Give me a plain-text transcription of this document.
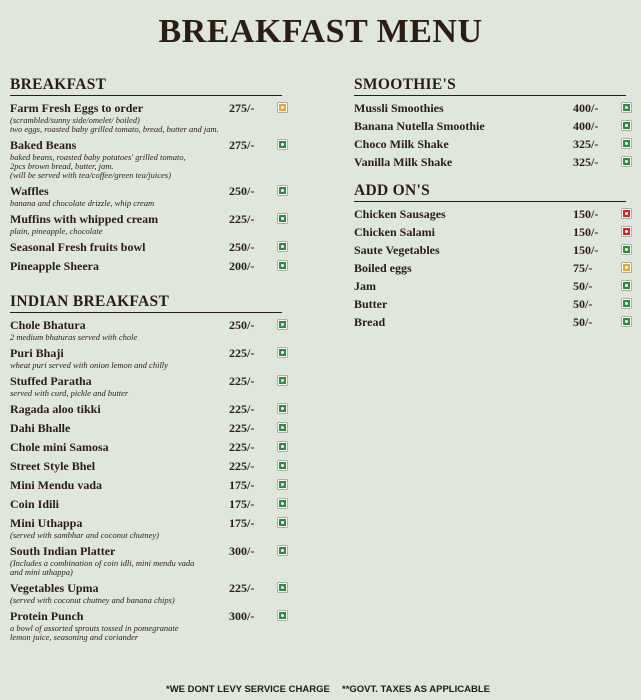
BREAKFAST MENU
BREAKFAST
Farm Fresh Eggs to order	275/-
(scrambled/sunny side/omelet/ boiled)
two eggs, roasted baby grilled tomato, bread, butter and jam.
Baked Beans	275/-
baked beans, roasted baby potatoes' grilled tomato,
2pcs brown bread, butter, jam.
(will be served with tea/coffee/green tea/juices)
Waffles	250/-
banana and chocolate drizzle, whip cream
Muffins with whipped cream	225/-
plain, pineapple, chocolate
Seasonal Fresh fruits bowl	250/-
Pineapple Sheera	200/-
INDIAN BREAKFAST
Chole Bhatura	250/-
2 medium bhaturas served with chole
Puri Bhaji	225/-
wheat puri served with onion lemon and chilly
Stuffed Paratha	225/-
served with curd, pickle and butter
Ragada aloo tikki	225/-
Dahi Bhalle	225/-
Chole mini Samosa	225/-
Street Style Bhel	225/-
Mini Mendu vada	175/-
Coin Idili	175/-
Mini Uthappa	175/-
(served with sambhar and coconut chutney)
South Indian Platter	300/-
(Includes a combination of coin idli, mini mendu vada
and mini uthappa)
Vegetables Upma	225/-
(served with coconut chutney and banana chips)
Protein Punch	300/-
a bowl of assorted sprouts tossed in pomegranate
lemon juice, seasoning and coriander
SMOOTHIE'S
Mussli Smoothies	400/-
Banana Nutella Smoothie	400/-
Choco Milk Shake	325/-
Vanilla Milk Shake	325/-
ADD ON'S
Chicken Sausages	150/-
Chicken Salami	150/-
Saute Vegetables	150/-
Boiled eggs	75/-
Jam	50/-
Butter	50/-
Bread	50/-
*WE DONT LEVY SERVICE CHARGE **GOVT. TAXES AS APPLICABLE
